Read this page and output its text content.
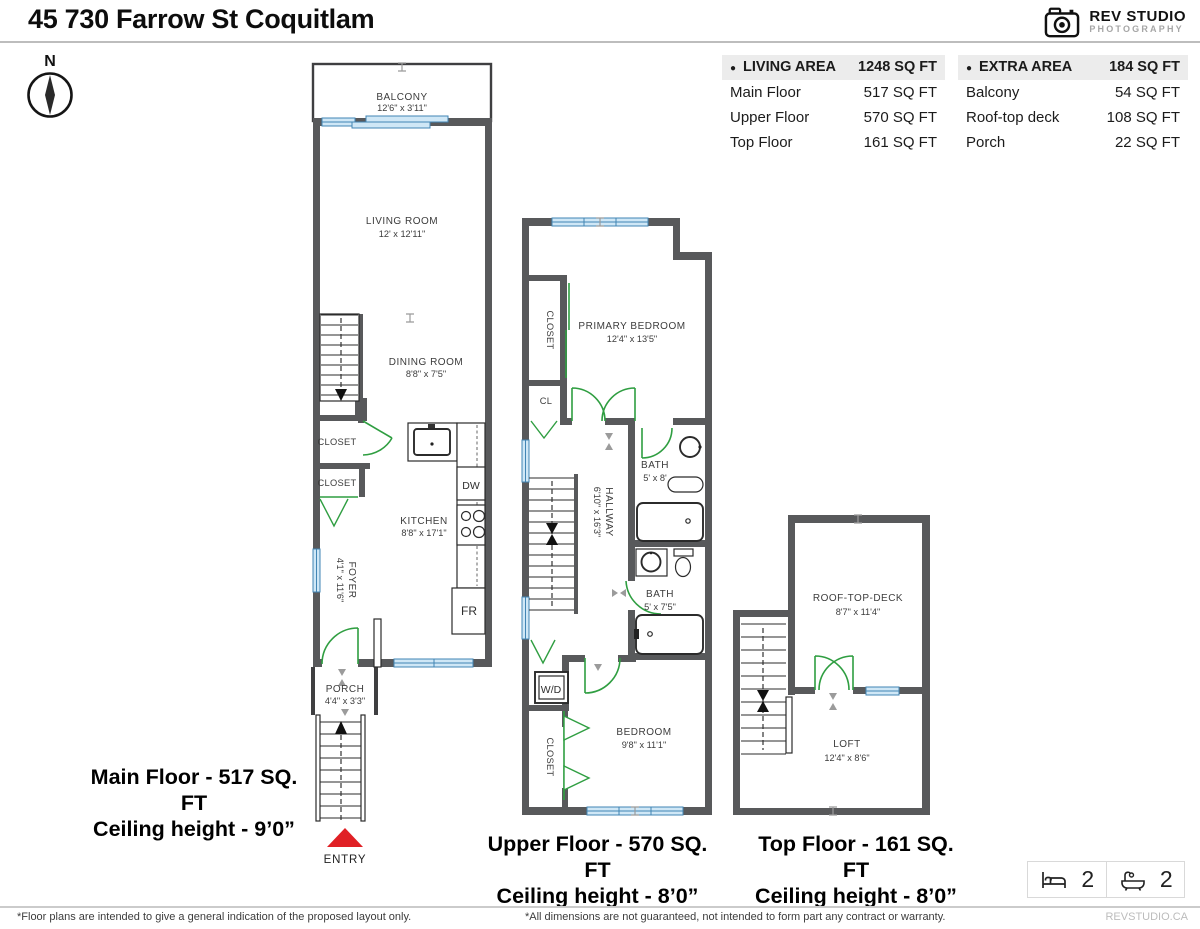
45 730 Farrow St Coquitlam	REV STUDIO
PHOTOGRAPHY
N	● LIVING AREA 1248 SQ FT
Main Floor	517 SQ FT
Upper Floor	570 SQ FT
Top Floor	161 SQ FT
● EXTRA AREA	184 SQ FT
Balcony	54 SQ FT
Roof-top deck	108 SQ FT
Porch	22 SQ FT
BALCONY
12'6" x 3'11"
LIVING ROOM
12' x 12'11"
DINING ROOM
8'8" x 7'5"
CLOSET
CLOSET
KITCHEN
8'8" x 17'1"
FOYER
4'1" x 11'6"
PORCH
4'4" x 3'3"
DW
FR
ENTRY
CLOSET
CL
PRIMARY BEDROOM
12'4" x 13'5"
BATH
5' x 8'
HALLWAY
6'10" x 16'3"
BATH
5' x 7'5"
W/D
BEDROOM
9'8" x 11'1"
CLOSET
ROOF-TOP-DECK
8'7" x 11'4"
LOFT
12'4" x 8'6"
Main Floor - 517 SQ. FT
Ceiling height - 9’0”
Upper Floor - 570 SQ. FT
Ceiling height - 8’0”
Top Floor - 161 SQ. FT
Ceiling height - 8’0”
2	2
*Floor plans are intended to give a general indication of the proposed layout only.	*All dimensions are not guaranteed, not intended to form part any contract or warranty.	REVSTUDIO.CA
